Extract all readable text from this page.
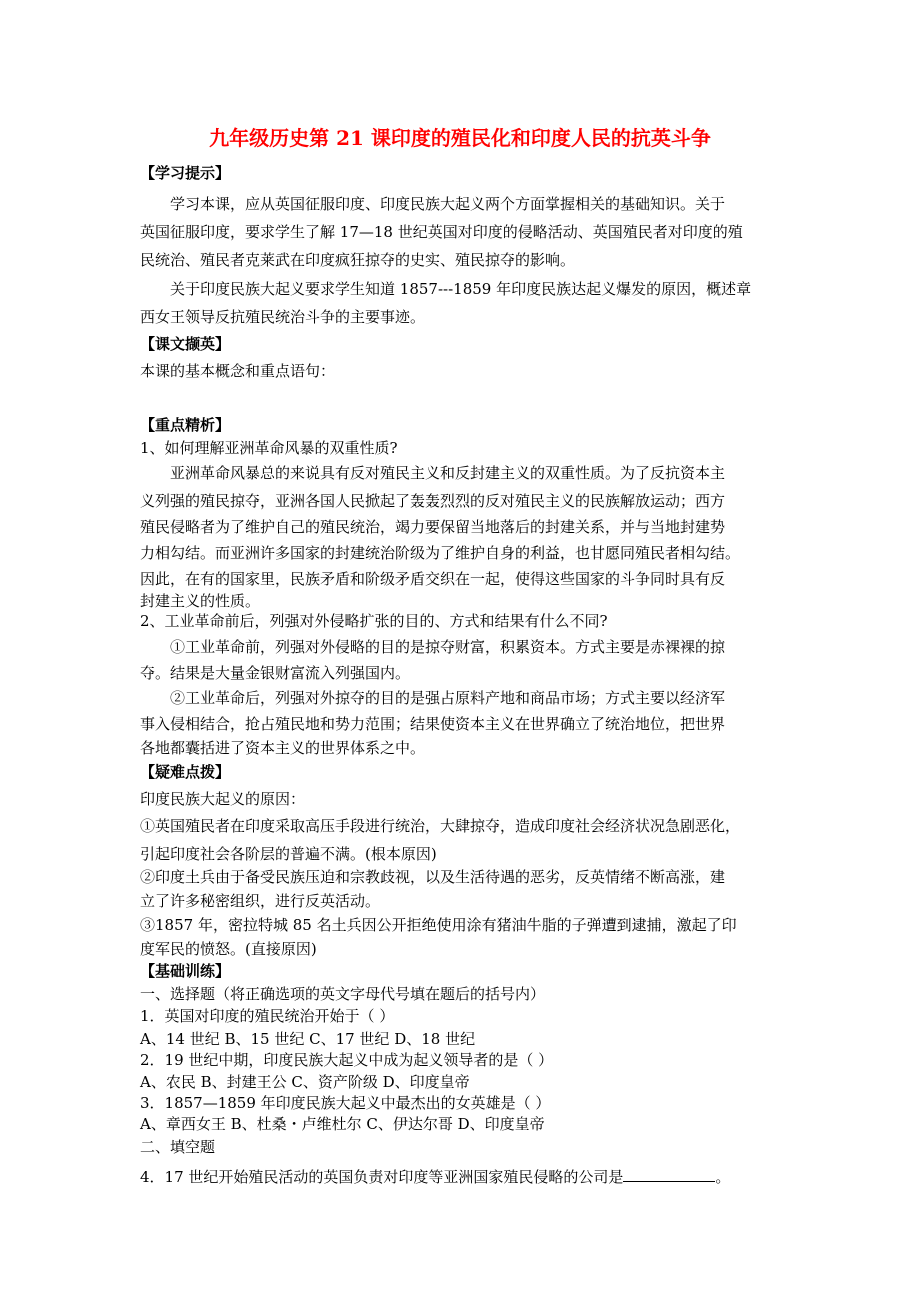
九年级历史第 21 课印度的殖民化和印度人民的抗英斗争
【学习提示】
学习本课，应从英国征服印度、印度民族大起义两个方面掌握相关的基础知识。关于
英国征服印度，要求学生了解 17—18 世纪英国对印度的侵略活动、英国殖民者对印度的殖
民统治、殖民者克莱武在印度疯狂掠夺的史实、殖民掠夺的影响。
关于印度民族大起义要求学生知道 1857---1859 年印度民族达起义爆发的原因，概述章
西女王领导反抗殖民统治斗争的主要事迹。
【课文撷英】
本课的基本概念和重点语句：
【重点精析】
1、如何理解亚洲革命风暴的双重性质?
亚洲革命风暴总的来说具有反对殖民主义和反封建主义的双重性质。为了反抗资本主
义列强的殖民掠夺，亚洲各国人民掀起了轰轰烈烈的反对殖民主义的民族解放运动；西方
殖民侵略者为了维护自己的殖民统治，竭力要保留当地落后的封建关系，并与当地封建势
力相勾结。而亚洲许多国家的封建统治阶级为了维护自身的利益，也甘愿同殖民者相勾结。
因此，在有的国家里，民族矛盾和阶级矛盾交织在一起，使得这些国家的斗争同时具有反
封建主义的性质。
2、工业革命前后，列强对外侵略扩张的目的、方式和结果有什么不同?
①工业革命前，列强对外侵略的目的是掠夺财富，积累资本。方式主要是赤裸裸的掠
夺。结果是大量金银财富流入列强国内。
②工业革命后，列强对外掠夺的目的是强占原料产地和商品市场；方式主要以经济军
事入侵相结合，抢占殖民地和势力范围；结果使资本主义在世界确立了统治地位，把世界
各地都囊括进了资本主义的世界体系之中。
【疑难点拨】
印度民族大起义的原因：
①英国殖民者在印度采取高压手段进行统治，大肆掠夺，造成印度社会经济状况急剧恶化，
引起印度社会各阶层的普遍不满。(根本原因)
②印度土兵由于备受民族压迫和宗教歧视，以及生活待遇的恶劣，反英情绪不断高涨，建
立了许多秘密组织，进行反英活动。
③1857 年，密拉特城 85 名土兵因公开拒绝使用涂有猪油牛脂的子弹遭到逮捕，激起了印
度军民的愤怒。(直接原因)
【基础训练】
一、选择题（将正确选项的英文字母代号填在题后的括号内）
1．英国对印度的殖民统治开始于（ ）
A、14 世纪 B、15 世纪 C、17 世纪 D、18 世纪
2．19 世纪中期，印度民族大起义中成为起义领导者的是（ ）
A、农民 B、封建王公 C、资产阶级 D、印度皇帝
3．1857—1859 年印度民族大起义中最杰出的女英雄是（ ）
A、章西女王 B、杜桑・卢维杜尔 C、伊达尔哥 D、印度皇帝
二、填空题
4．17 世纪开始殖民活动的英国负责对印度等亚洲国家殖民侵略的公司是	。
